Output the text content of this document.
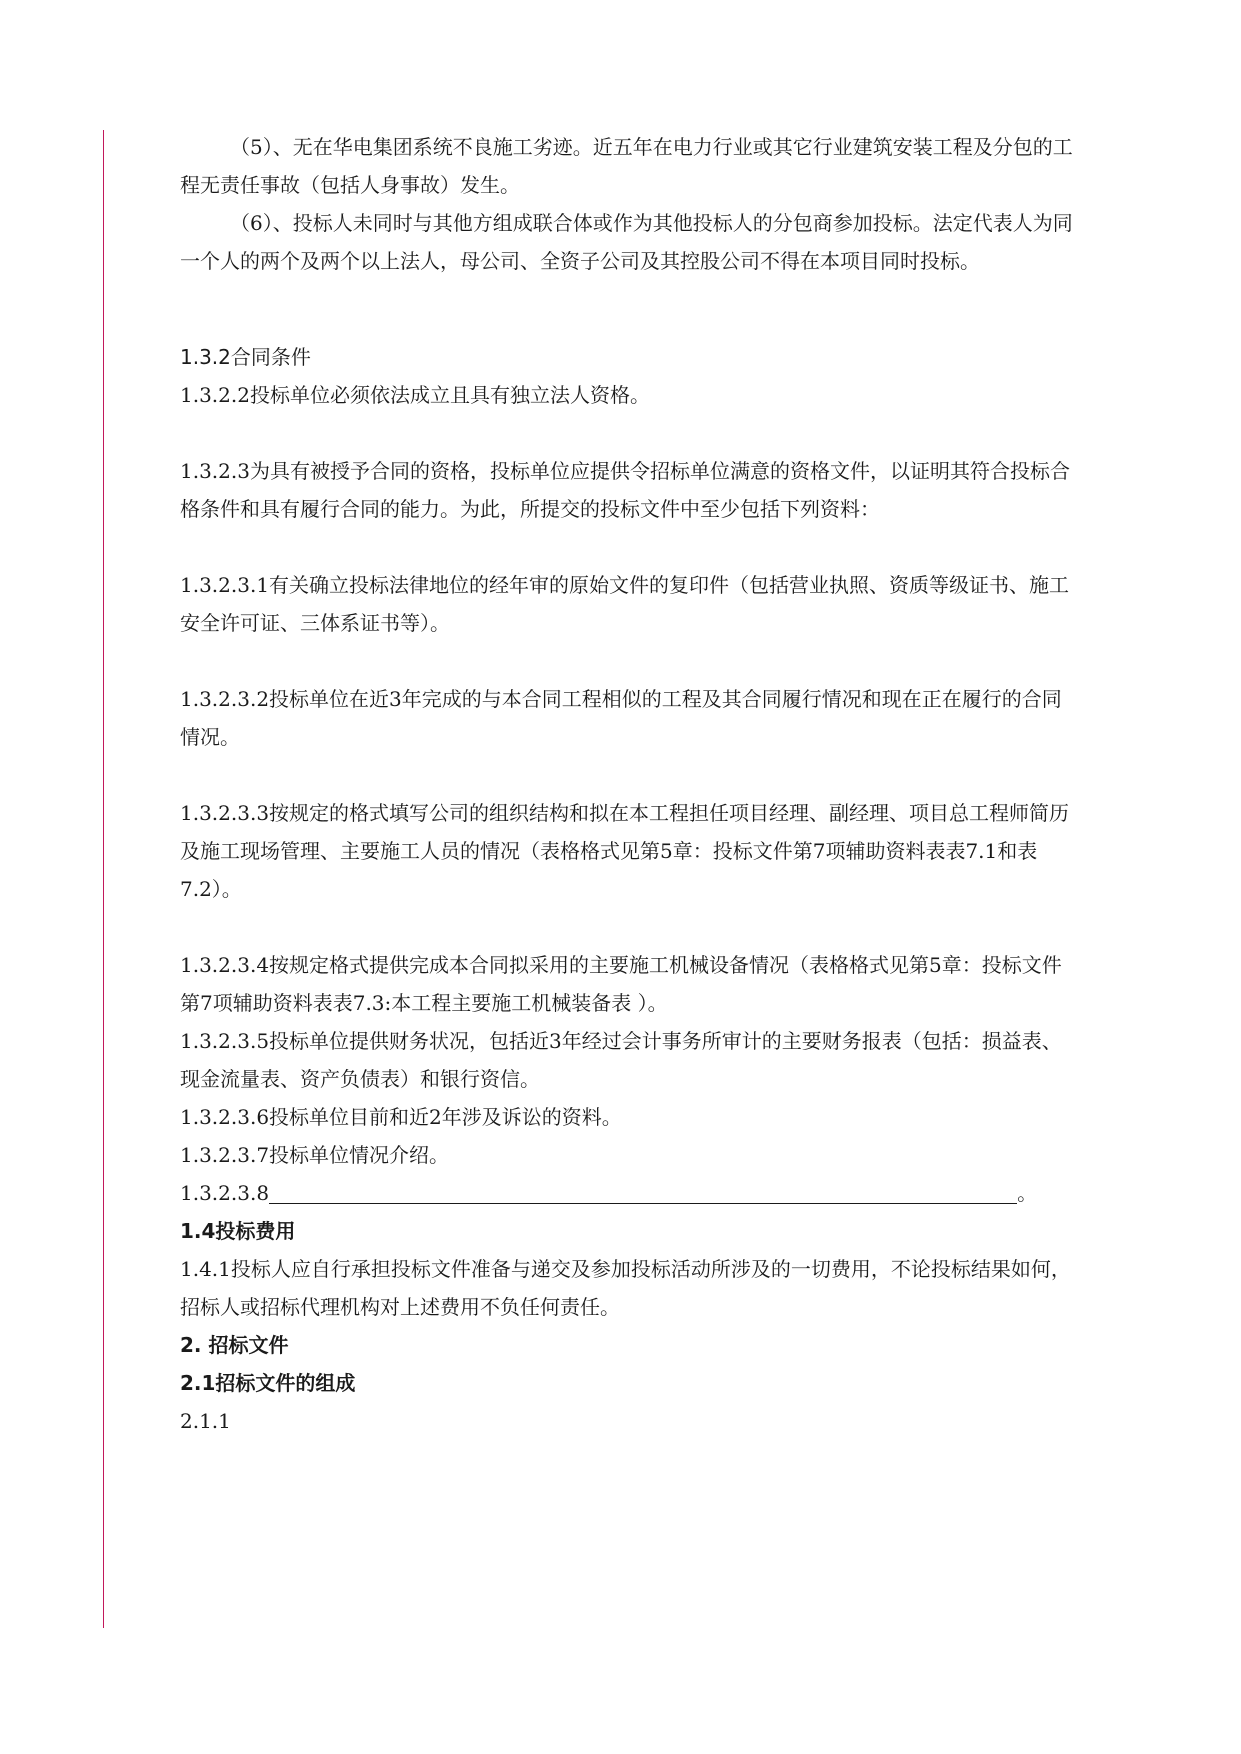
（5）、无在华电集团系统不良施工劣迹。近五年在电力行业或其它行业建筑安装工程及分包的工程无责任事故（包括人身事故）发生。

（6）、投标人未同时与其他方组成联合体或作为其他投标人的分包商参加投标。法定代表人为同一个人的两个及两个以上法人，母公司、全资子公司及其控股公司不得在本项目同时投标。

1.3.2合同条件

1.3.2.2投标单位必须依法成立且具有独立法人资格。

1.3.2.3为具有被授予合同的资格，投标单位应提供令招标单位满意的资格文件，以证明其符合投标合格条件和具有履行合同的能力。为此，所提交的投标文件中至少包括下列资料：

1.3.2.3.1有关确立投标法律地位的经年审的原始文件的复印件（包括营业执照、资质等级证书、施工安全许可证、三体系证书等）。

1.3.2.3.2投标单位在近3年完成的与本合同工程相似的工程及其合同履行情况和现在正在履行的合同情况。

1.3.2.3.3按规定的格式填写公司的组织结构和拟在本工程担任项目经理、副经理、项目总工程师简历及施工现场管理、主要施工人员的情况（表格格式见第5章：投标文件第7项辅助资料表表7.1和表7.2）。

1.3.2.3.4按规定格式提供完成本合同拟采用的主要施工机械设备情况（表格格式见第5章：投标文件第7项辅助资料表表7.3:本工程主要施工机械装备表 ）。

1.3.2.3.5投标单位提供财务状况，包括近3年经过会计事务所审计的主要财务报表（包括：损益表、现金流量表、资产负债表）和银行资信。

1.3.2.3.6投标单位目前和近2年涉及诉讼的资料。

1.3.2.3.7投标单位情况介绍。

1.3.2.3.8	。

1.4投标费用

1.4.1投标人应自行承担投标文件准备与递交及参加投标活动所涉及的一切费用，不论投标结果如何，招标人或招标代理机构对上述费用不负任何责任。

2. 招标文件

2.1招标文件的组成

2.1.1
